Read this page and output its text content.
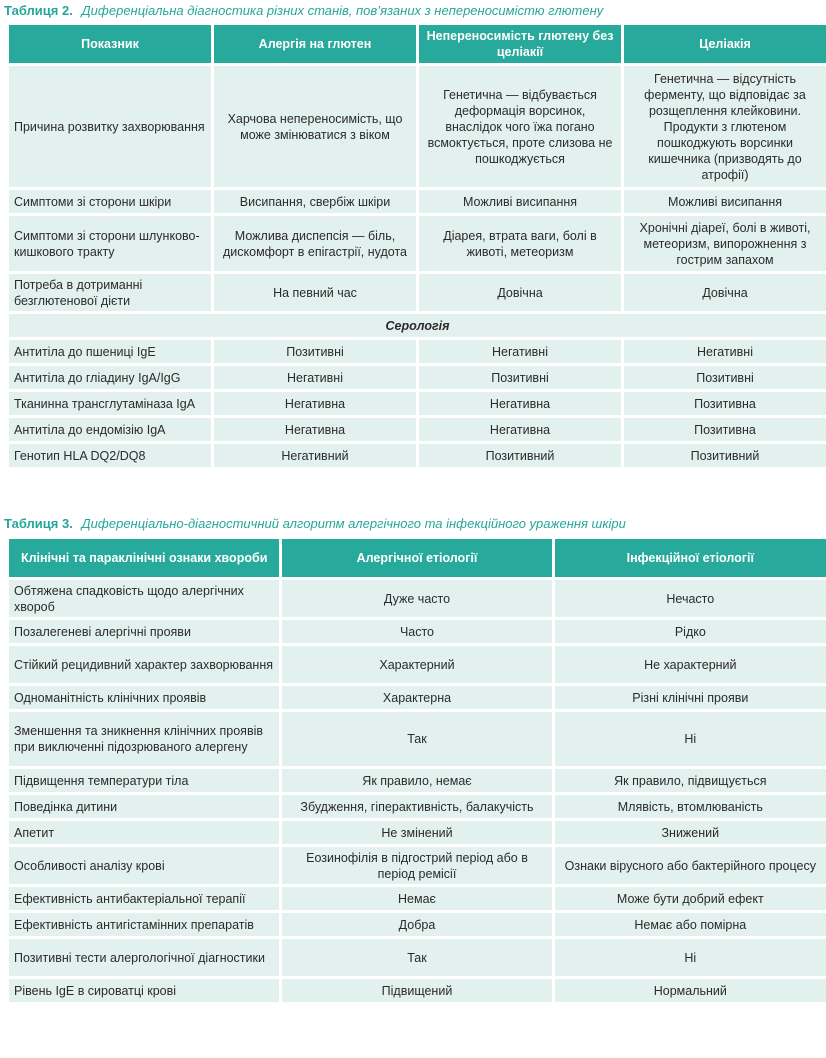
Таблиця 2. Диференціальна діагностика різних станів, пов’язаних з непереносимістю глютену
Показник	Алергія на глютен	Непереносимість глютену без целіакії	Целіакія
Причина розвитку захворювання	Харчова непереносимість, що може змінюватися з віком	Генетична — відбувається деформація ворсинок, внаслідок чого їжа погано всмоктується, проте слизова не пошкоджується	Генетична — відсутність ферменту, що відповідає за розщеплення клейковини. Продукти з глютеном пошкоджують ворсинки кишечника (призводять до атрофії)
Симптоми зі сторони шкіри	Висипання, свербіж шкіри	Можливі висипання	Можливі висипання
Симптоми зі сторони шлунково-кишкового тракту	Можлива диспепсія — біль, дискомфорт в епігастрії, нудота	Діарея, втрата ваги, болі в животі, метеоризм	Хронічні діареї, болі в животі, метеоризм, випорожнення з гострим запахом
Потреба в дотриманні безглютенової дієти	На певний час	Довічна	Довічна
Серологія			
Антитіла до пшениці IgE	Позитивні	Негативні	Негативні
Антитіла до гліадину IgA/IgG	Негативні	Позитивні	Позитивні
Тканинна трансглутаміназа IgA	Негативна	Негативна	Позитивна
Антитіла до ендомізію IgA	Негативна	Негативна	Позитивна
Генотип HLA DQ2/DQ8	Негативний	Позитивний	Позитивний
Таблиця 3. Диференціально-діагностичний алгоритм алергічного та інфекційного ураження шкіри
Клінічні та параклінічні ознаки хвороби	Алергічної етіології	Інфекційної етіології
Обтяжена спадковість щодо алергічних хвороб	Дуже часто	Нечасто
Позалегеневі алергічні прояви	Часто	Рідко
Стійкий рецидивний характер захворювання	Характерний	Не характерний
Одноманітність клінічних проявів	Характерна	Різні клінічні прояви
Зменшення та зникнення клінічних проявів при виключенні підозрюваного алергену	Так	Ні
Підвищення температури тіла	Як правило, немає	Як правило, підвищується
Поведінка дитини	Збудження, гіперактивність, балакучість	Млявість, втомлюваність
Апетит	Не змінений	Знижений
Особливості аналізу крові	Еозинофілія в підгострий період або в період ремісії	Ознаки вірусного або бактерійного процесу
Ефективність антибактеріальної терапії	Немає	Може бути добрий ефект
Ефективність антигістамінних препаратів	Добра	Немає або помірна
Позитивні тести алергологічної діагностики	Так	Ні
Рівень IgE в сироватці крові	Підвищений	Нормальний
